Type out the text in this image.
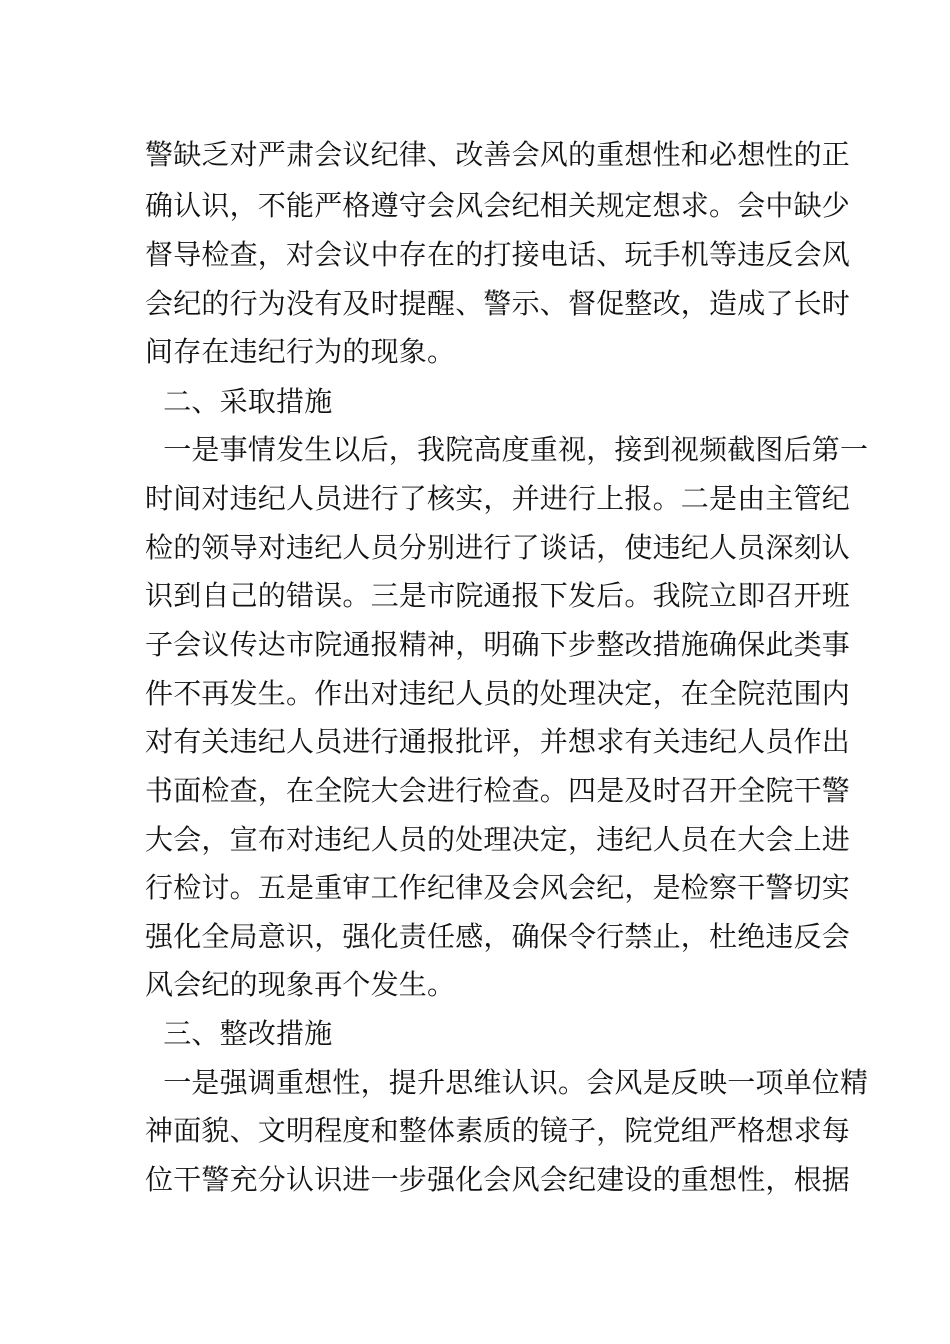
警缺乏对严肃会议纪律、改善会风的重想性和必想性的正
确认识，不能严格遵守会风会纪相关规定想求。会中缺少
督导检查，对会议中存在的打接电话、玩手机等违反会风
会纪的行为没有及时提醒、警示、督促整改，造成了长时
间存在违纪行为的现象。
二、采取措施
一是事情发生以后，我院高度重视，接到视频截图后第一
时间对违纪人员进行了核实，并进行上报。二是由主管纪
检的领导对违纪人员分别进行了谈话，使违纪人员深刻认
识到自己的错误。三是市院通报下发后。我院立即召开班
子会议传达市院通报精神，明确下步整改措施确保此类事
件不再发生。作出对违纪人员的处理决定，在全院范围内
对有关违纪人员进行通报批评，并想求有关违纪人员作出
书面检查，在全院大会进行检查。四是及时召开全院干警
大会，宣布对违纪人员的处理决定，违纪人员在大会上进
行检讨。五是重审工作纪律及会风会纪，是检察干警切实
强化全局意识，强化责任感，确保令行禁止，杜绝违反会
风会纪的现象再个发生。
三、整改措施
一是强调重想性，提升思维认识。会风是反映一项单位精
神面貌、文明程度和整体素质的镜子，院党组严格想求每
位干警充分认识进一步强化会风会纪建设的重想性，根据
